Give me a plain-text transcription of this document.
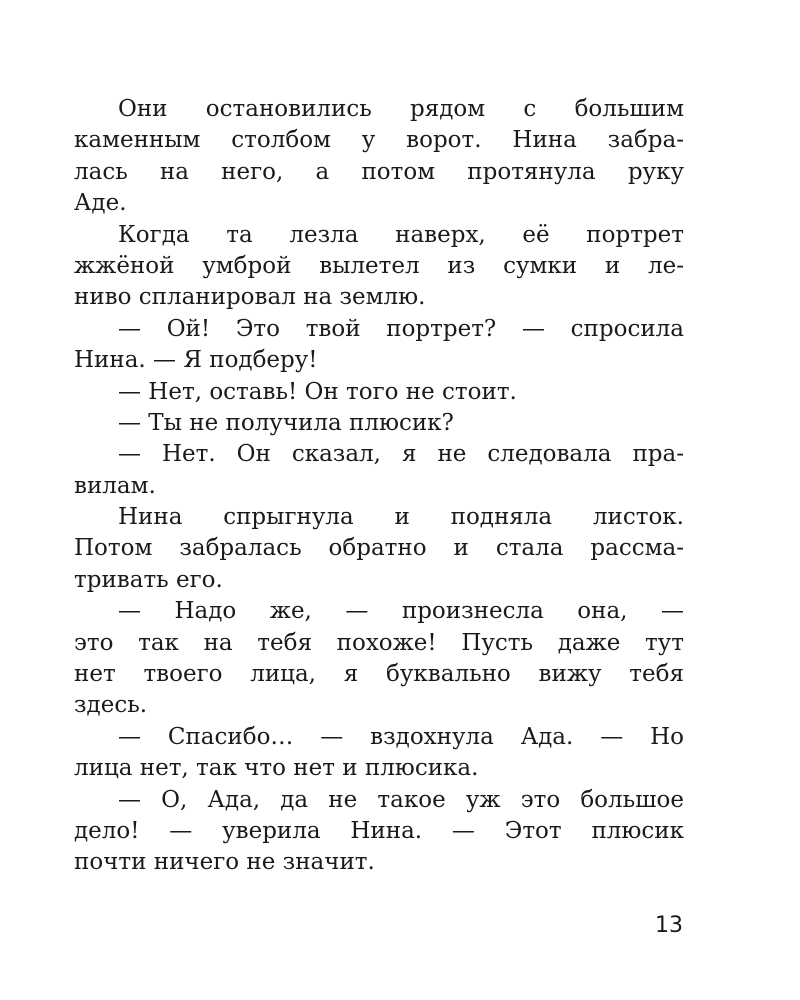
Они остановились рядом с большим
каменным столбом у ворот. Нина забра-
лась на него, а потом протянула руку
Аде.
Когда та лезла наверх, её портрет
жжёной умброй вылетел из сумки и ле-
ниво спланировал на землю.
— Ой! Это твой портрет? — спросила
Нина. — Я подберу!
— Нет, оставь! Он того не стоит.
— Ты не получила плюсик?
— Нет. Он сказал, я не следовала пра-
вилам.
Нина спрыгнула и подняла листок.
Потом забралась обратно и стала рассма-
тривать его.
— Надо же, — произнесла она, —
это так на тебя похоже! Пусть даже тут
нет твоего лица, я буквально вижу тебя
здесь.
— Спасибо… — вздохнула Ада. — Но
лица нет, так что нет и плюсика.
— О, Ада, да не такое уж это большое
дело! — уверила Нина. — Этот плюсик
почти ничего не значит.
13
